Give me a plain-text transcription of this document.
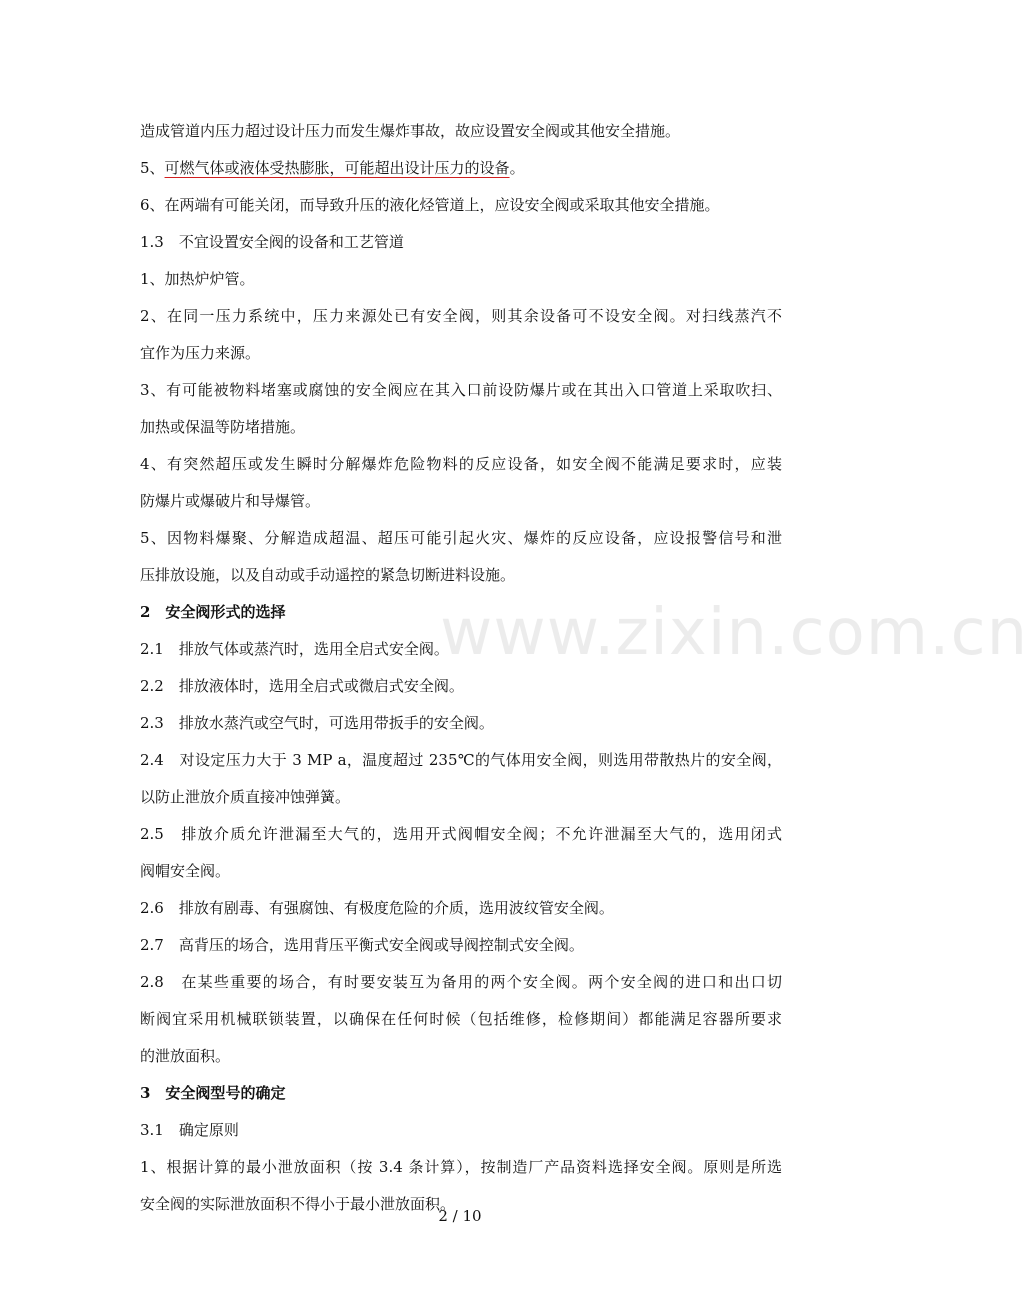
造成管道内压力超过设计压力而发生爆炸事故，故应设置安全阀或其他安全措施。
5、可燃气体或液体受热膨胀，可能超出设计压力的设备。
6、在两端有可能关闭，而导致升压的液化烃管道上，应设安全阀或采取其他安全措施。
1.3　不宜设置安全阀的设备和工艺管道
1、加热炉炉管。
2、在同一压力系统中，压力来源处已有安全阀，则其余设备可不设安全阀。对扫线蒸汽不
宜作为压力来源。
3、有可能被物料堵塞或腐蚀的安全阀应在其入口前设防爆片或在其出入口管道上采取吹扫、
加热或保温等防堵措施。
4、有突然超压或发生瞬时分解爆炸危险物料的反应设备，如安全阀不能满足要求时，应装
防爆片或爆破片和导爆管。
5、因物料爆聚、分解造成超温、超压可能引起火灾、爆炸的反应设备，应设报警信号和泄
压排放设施，以及自动或手动遥控的紧急切断进料设施。
2　安全阀形式的选择
2.1　排放气体或蒸汽时，选用全启式安全阀。
2.2　排放液体时，选用全启式或微启式安全阀。
2.3　排放水蒸汽或空气时，可选用带扳手的安全阀。
2.4　对设定压力大于 3 MP a，温度超过 235℃的气体用安全阀，则选用带散热片的安全阀，
以防止泄放介质直接冲蚀弹簧。
2.5　排放介质允许泄漏至大气的，选用开式阀帽安全阀；不允许泄漏至大气的，选用闭式
阀帽安全阀。
2.6　排放有剧毒、有强腐蚀、有极度危险的介质，选用波纹管安全阀。
2.7　高背压的场合，选用背压平衡式安全阀或导阀控制式安全阀。
2.8　在某些重要的场合，有时要安装互为备用的两个安全阀。两个安全阀的进口和出口切
断阀宜采用机械联锁装置，以确保在任何时候（包括维修，检修期间）都能满足容器所要求
的泄放面积。
3　安全阀型号的确定
3.1　确定原则
1、根据计算的最小泄放面积（按 3.4 条计算），按制造厂产品资料选择安全阀。原则是所选
安全阀的实际泄放面积不得小于最小泄放面积。
www.zixin.com.cn
2 / 10
